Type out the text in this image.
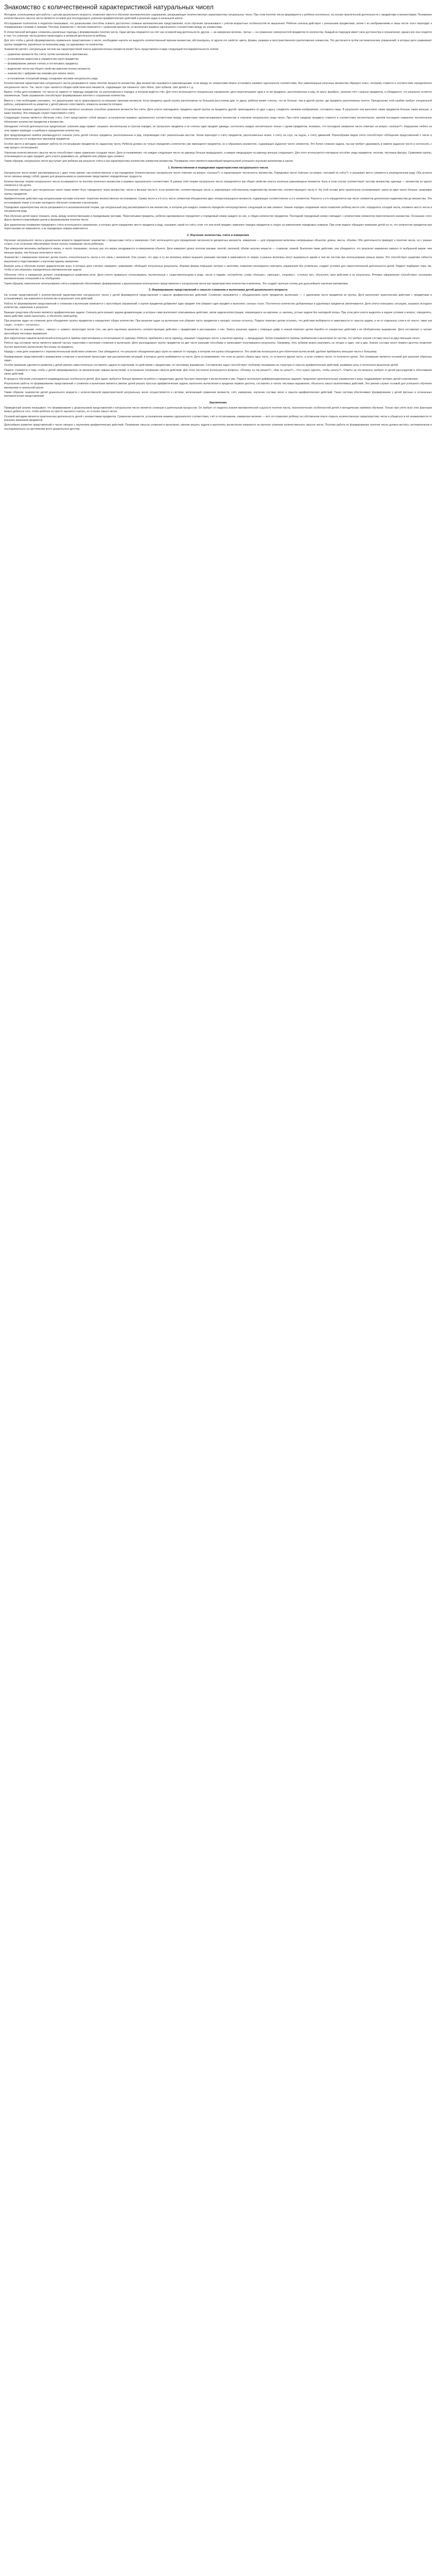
Знакомство с количественной характеристикой натуральных чисел

Методики, используемые для работы с детьми дошкольного возраста, позволяют ввести в обучение математическое содержание, раскрывающее количественную характеристику натуральных чисел. При этом понятие числа формируется у ребёнка постепенно, на основе практической деятельности с предметами и множествами. Понимание количественного смысла числа является основой для последующего усвоения арифметических действий и решения задач в начальной школе.

Исследования психологов и педагогов показывают, что дошкольники способны освоить достаточно сложные математические представления, если обучение организовано с учётом возрастных особенностей их мышления. Ребёнок сначала действует с реальными предметами, затем с их изображениями и лишь после этого переходит к оперированию словами и знаками. Поэтому знакомство с числом начинается с сравнения множеств, установления взаимно однозначного соответствия между их элементами.

В отечественной методике сложились различные подходы к формированию понятия числа. Одни авторы опираются на счёт как основной вид деятельности, другие — на измерение величин, третьи — на сравнение совокупностей предметов по количеству. Каждый из подходов имеет свои достоинства и ограничения, однако все они сходятся в том, что усвоение числа должно происходить в активной деятельности ребёнка.

Для того чтобы у детей сформировалось правильное представление о числе, необходимо научить их выделять количественный признак множества, абстрагируясь от других его свойств: цвета, формы, размера и пространственного расположения элементов. Это достигается путём систематических упражнений, в которых дети сравнивают группы предметов, различных по внешнему виду, но одинаковых по количеству.

Знакомство детей с натуральным числом как характеристикой класса равночисленных множеств может быть представлено в виде следующей последовательности этапов:

— сравнение множеств без счёта, путём наложения и приложения;

— установление равенства и неравенства групп предметов;

— формирование умения считать и отсчитывать предметы;

— выделение числа как общего свойства равночисленных множеств;

— знакомство с цифрами как знаками для записи чисел;

— установление отношений между соседними числами натурального ряда.

Количественная характеристика натурального числа раскрывается через понятие мощности множества. Два множества называются равномощными, если между их элементами можно установить взаимно однозначное соответствие. Все равномощные конечные множества образуют класс, которому ставится в соответствие определённое натуральное число. Так, число «три» является общим свойством всех множеств, содержащих три элемента: трёх яблок, трёх кубиков, трёх детей и т. д.

Важно, чтобы дети понимали, что число не зависит от природы предметов, их расположения и порядка, в котором ведётся счёт. Для этого используются специальные упражнения: дети пересчитывают одни и те же предметы, расположенные в ряд, по кругу, вразброс, начиная счёт с разных предметов, и убеждаются, что результат остаётся неизменным. Такие упражнения способствуют формированию понятия о сохранении количества.

Вместе с тем необходимо учитывать, что дошкольники часто ориентируются на внешние признаки множеств. Если предметы одной группы расположены на большем расстоянии друг от друга, ребёнок может считать, что их больше, чем в другой группе, где предметы расположены плотно. Преодоление этой ошибки требует специальной работы, направленной на развитие у детей умения сопоставлять элементы множеств попарно.

Установление взаимно однозначного соответствия является основным способом сравнения множеств без счёта. Дети учатся накладывать предметы одной группы на предметы другой, прикладывать их друг к другу, соединять линиями изображения, составлять пары. В результате они выясняют, каких предметов больше, каких меньше, а каких поровну. Эти операции служат подготовкой к счёту.

Следующим этапом является обучение счёту. Счёт представляет собой процесс установления взаимно однозначного соответствия между элементами пересчитываемого множества и отрезком натурального ряда чисел. При счёте каждому предмету ставится в соответствие числительное, причём последнее названное числительное обозначает количество предметов в множестве.

Овладение счётной деятельностью предполагает усвоение ряда правил: называть числительные в строгом порядке, не пропускать предметы и не считать один предмет дважды, соотносить каждое числительное только с одним предметом, понимать, что последнее названное число отвечает на вопрос «сколько?». Нарушение любого из этих правил приводит к ошибкам в определении количества.

Для предупреждения ошибок рекомендуется сначала учить детей считать предметы, расположенные в ряд, сопровождая счёт указательным жестом. Затем переходят к счёту предметов, расположенных иначе, к счёту на слух, на ощупь, к счёту движений. Разнообразие видов счёта способствует обобщению представлений о числе и отвлечению его от конкретных признаков предметов.

Особое место в методике занимает работа по отсчитыванию предметов по заданному числу. Ребёнок должен не только определить количество уже имеющихся предметов, но и образовать множество, содержащее заданное число элементов. Это более сложная задача, так как требует удерживать в памяти заданное число и соотносить с ним процесс отсчитывания.

Усвоению количественного смысла числа способствует также сравнение соседних чисел. Дети устанавливают, что каждое следующее число на единицу больше предыдущего, а каждое предыдущее на единицу меньше следующего. Для этого используются наглядные пособия: ряды предметов, лесенки, числовые фигуры. Сравнивая группы, отличающиеся на один предмет, дети учатся уравнивать их, добавляя или убирая один элемент.

Таким образом, натуральное число выступает для ребёнка как результат счёта и как характеристика количества элементов множества. Понимание этого является важнейшей предпосылкой успешного изучения математики в школе.

1. Количественная и порядковая характеристики натурального числа

Натуральное число может рассматриваться с двух точек зрения: как количественное и как порядковое. Количественное натуральное число отвечает на вопрос «сколько?» и характеризует численность множества. Порядковое число отвечает на вопрос «который по счёту?» и указывает место элемента в упорядоченном ряду. Оба аспекта тесно связаны между собой, однако для дошкольников их различение представляет определённые трудности.

Количественная теория натурального числа основывается на понятии конечного множества и взаимно однозначного соответствия. В рамках этой теории натуральное число определяется как общее свойство класса конечных равномощных множеств. Нуль в этом случае соответствует пустому множеству, единица — множеству из одного элемента и так далее.

Отношение «меньше» для натуральных чисел также может быть определено через множества: число a меньше числа b, если множество, соответствующее числу a, равномощно собственному подмножеству множества, соответствующего числу b. На этой основе дети практически устанавливают, какое из двух чисел больше, сравнивая группы предметов.

Арифметические действия над натуральными числами получают теоретико-множественное истолкование. Сумма чисел a и b есть число элементов объединения двух непересекающихся множеств, содержащих соответственно a и b элементов. Разность a и b определяется как число элементов дополнения подмножества до множества. Эти истолкования лежат в основе наглядного обучения сложению и вычитанию.

Порядковая характеристика числа раскрывается в аксиоматической теории, где натуральный ряд рассматривается как множество, в котором для каждого элемента определён непосредственно следующий за ним элемент. Знание порядка следования чисел позволяет ребёнку вести счёт, определять соседей числа, понимать место числа в натуральном ряду.

При обучении детей важно показать связь между количественными и порядковыми числами. Пересчитывая предметы, ребёнок одновременно определяет и порядковый номер каждого из них, и общее количество предметов. Последний порядковый номер совпадает с количеством элементов пересчитанного множества. Осознание этого факта является важнейшим шагом в формировании понятия числа.

Для закрепления понимания порядкового счёта используются упражнения, в которых дети определяют место предмета в ряду, называют, какой по счёту стоит тот или иной предмет, изменяют порядок предметов и следят за изменением порядковых номеров. При этом педагог обращает внимание детей на то, что количество предметов при перестановке не изменяется, а их порядковые номера изменяются.

2. Изучение количества, счёта и измерения

Изучение натурального числа в дошкольном возрасте предполагает знакомство с процессами счёта и измерения. Счёт используется для определения численности дискретных множеств, измерение — для определения величины непрерывных объектов: длины, массы, объёма. Обе деятельности приводят к понятию числа, но с разных сторон, и их сочетание обеспечивает более полное понимание числа ребёнком.

При измерении величины выбирается мерка, и число показывает, сколько раз эта мерка укладывается в измеряемом объекте. Дети измеряют длину полоски шагами, лентой, палочкой, объём сыпучих веществ — стаканом, ложкой. Выполняя такие действия, они убеждаются, что результат измерения зависит от выбранной мерки: чем меньше мерка, тем больше получается число.

Знакомство с измерением помогает детям понять относительность числа и его связь с величиной. Они узнают, что одну и ту же величину можно выразить разными числами в зависимости от мерки, а разные величины могут выражаться одним и тем же числом при использовании разных мерок. Это способствует развитию гибкости мышления и подготавливает к изучению единиц измерения.

Важную роль в обучении играют дидактические игры, в которых дети считают, измеряют, сравнивают, обобщают полученные результаты. Игровая форма повышает интерес к занятиям, позволяет многократно повторять упражнения без утомления, создаёт условия для самостоятельной деятельности детей. Педагог подбирает игры так, чтобы в них решались определённые математические задачи.

Обучение счёту и измерению должно сопровождаться развитием речи. Дети учатся правильно согласовывать числительные с существительными в роде, числе и падеже, употреблять слова «больше», «меньше», «поровну», «столько же», объяснять свои действия и их результаты. Речевое оформление способствует осознанию математических отношений и их обобщению.

Таким образом, комплексное использование счёта и измерения обеспечивает формирование у дошкольников полноценного представления о натуральном числе как характеристике количества и величины. Это создаёт прочную основу для дальнейшего изучения математики.

3. Формирование представлений о смысле сложения и вычитания детей дошкольного возраста

На основе представлений о количественной характеристике натурального числа у детей формируются представления о смысле арифметических действий. Сложение связывается с объединением групп предметов, вычитание — с удалением части предметов из группы. Дети выполняют практические действия с предметами и устанавливают, как изменяется количество в результате этих действий.

Работа по формированию представлений о сложении и вычитании начинается с простейших упражнений: к группе предметов добавляют один предмет или убирают один предмет и выясняют, сколько стало. Постепенно количество добавляемых и удаляемых предметов увеличивается. Дети учатся описывать ситуацию, называть исходное количество, изменение и результат.

Важным средством обучения являются арифметические задачи. Сначала дети решают задачи-драматизации, в которых сами выполняют описываемые действия, затем задачи-иллюстрации, опирающиеся на картинки, и, наконец, устные задачи без наглядной опоры. При этом дети учатся выделять в задаче условие и вопрос, определять, какое действие нужно выполнить, и объяснять свой выбор.

При решении задач на сложение дети объединяют группы предметов и определяют общее количество. При решении задач на вычитание они убирают часть предметов и находят, сколько осталось. Педагог помогает детям осознать, что действие выбирается в зависимости от смысла задачи, а не от отдельных слов в её тексте, таких как «ещё», «стало», «осталось».

Знакомство со знаками «плюс», «минус» и «равно» происходит после того, как дети научились выполнять соответствующие действия с предметами и рассказывать о них. Запись решения задачи с помощью цифр и знаков помогает детям перейти от конкретных действий к их обобщённому выражению. Дети составляют и читают простейшие числовые выражения.

Для закрепления навыков вычислений используются приёмы присчитывания и отсчитывания по единице. Ребёнок, прибавляя к числу единицу, называет следующее число, а вычитая единицу — предыдущее. Затем осваиваются приёмы прибавления и вычитания по частям, что требует знания состава чисел из двух меньших чисел.

Работа над составом числа является важной частью подготовки к изучению сложения и вычитания. Дети раскладывают группу предметов на две части разными способами и записывают получившиеся результаты. Например, пять кубиков можно разложить на четыре и один, три и два. Знание состава чисел первого десятка позволяет быстро выполнять вычисления без опоры на предметы.

Наряду с этим дети знакомятся с переместительным свойством сложения. Они убеждаются, что результат объединения двух групп не зависит от порядка, в котором эти группы объединяются. Это свойство используется для облегчения вычислений: удобнее прибавлять меньшее число к большему.

Формирование представлений о взаимосвязи сложения и вычитания происходит при рассмотрении ситуаций, в которых целое разбивается на части. Дети устанавливают, что если из целого убрать одну часть, то останется другая часть, а если сложить части, то получится целое. Это понимание является основой для решения обратных задач.

Особое внимание уделяется развитию у детей умения самостоятельно составлять задачи по картинкам, по действиям с предметами, по числовому выражению. Составление задач способствует глубокому пониманию их структуры и смысла арифметических действий, развивает речь и логическое мышление детей.

Педагог стремится к тому, чтобы у детей сформировались не механические навыки вычислений, а осознанное понимание смысла действий. Для этого постоянно используются вопросы: «Почему ты так решил?», «Как ты узнал?», «Что нужно сделать, чтобы узнать?». Ответы на эти вопросы требуют от детей рассуждений и обоснования своих действий.

В процессе обучения учитываются индивидуальные особенности детей. Для одних требуется больше времени на работу с предметами, другие быстрее переходят к вычислениям в уме. Педагог использует дифференцированные задания, предлагает дополнительные упражнения и игры, поддерживает интерес детей к математике.

Результатом работы по формированию представлений о сложении и вычитании является умение детей решать простые арифметические задачи, выполнять вычисления в пределах первого десятка, составлять и читать числовые выражения, объяснять смысл выполняемых действий. Эти умения служат основой для успешного обучения математике в начальной школе.

Таким образом, знакомство детей дошкольного возраста с количественной характеристикой натуральных чисел осуществляется в системе, включающей сравнение множеств, счёт, измерение, изучение состава чисел и смысла арифметических действий. Такая система обеспечивает формирование у детей прочных и осознанных математических представлений.

Заключение

Проведённый анализ показывает, что формирование у дошкольников представлений о натуральном числе является сложным и длительным процессом. Он требует от педагога знания математической сущности понятия числа, психологических особенностей детей и методических приёмов обучения. Только при учёте всех этих факторов можно добиться того, чтобы ребёнок не просто научился считать, но и понял смысл числа.

Основой методики является практическая деятельность детей с множествами предметов. Сравнение множеств, установление взаимно однозначного соответствия, счёт и отсчитывание, измерение величин — всё это позволяет ребёнку на собственном опыте открыть количественную характеристику числа и убедиться в её независимости от внешних признаков предметов.

Дальнейшее развитие представлений о числе связано с изучением арифметических действий. Понимание смысла сложения и вычитания, умение решать задачи и выполнять вычисления опираются на прочное усвоение количественного смысла числа. Поэтому работа по формированию понятия числа должна вестись систематически и последовательно на протяжении всего дошкольного детства.
